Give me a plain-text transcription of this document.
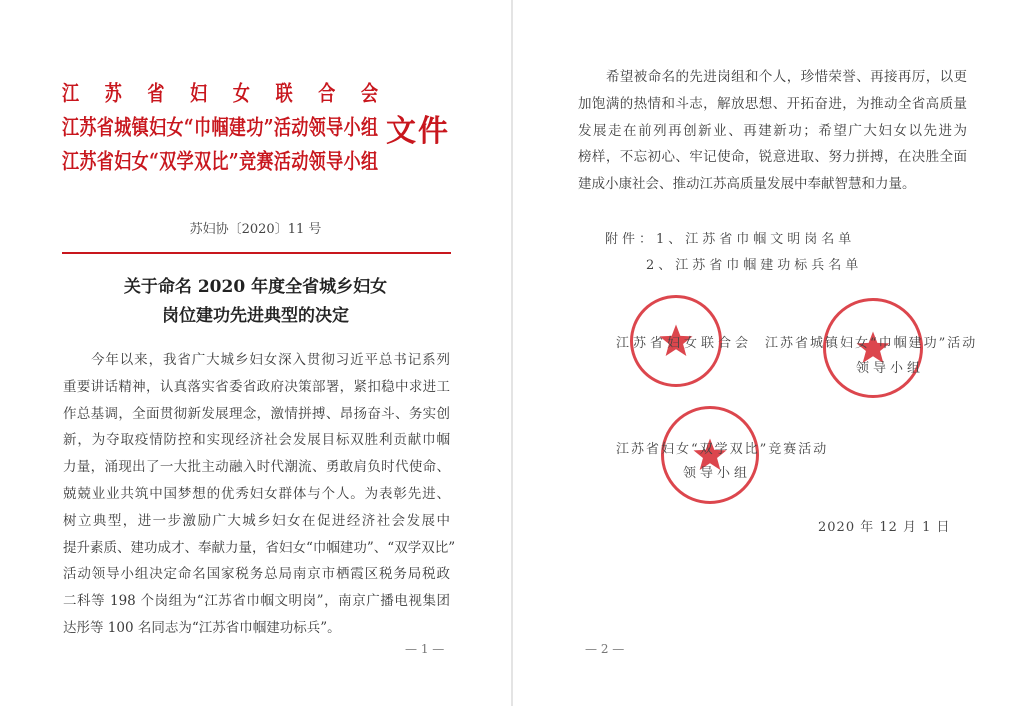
江苏省妇女联合会
江苏省城镇妇女“巾帼建功”活动领导小组
江苏省妇女“双学双比”竞赛活动领导小组
文件
苏妇协〔2020〕11 号
关于命名 2020 年度全省城乡妇女
岗位建功先进典型的决定
今年以来，我省广大城乡妇女深入贯彻习近平总书记系列
重要讲话精神，认真落实省委省政府决策部署，紧扣稳中求进工
作总基调，全面贯彻新发展理念，激情拼搏、昂扬奋斗、务实创
新，为夺取疫情防控和实现经济社会发展目标双胜利贡献巾帼
力量，涌现出了一大批主动融入时代潮流、勇敢肩负时代使命、
兢兢业业共筑中国梦想的优秀妇女群体与个人。为表彰先进、
树立典型，进一步激励广大城乡妇女在促进经济社会发展中
提升素质、建功成才、奉献力量，省妇女“巾帼建功”、“双学双比”
活动领导小组决定命名国家税务总局南京市栖霞区税务局税政
二科等 198 个岗组为“江苏省巾帼文明岗”，南京广播电视集团
达彤等 100 名同志为“江苏省巾帼建功标兵”。
— 1 —
希望被命名的先进岗组和个人，珍惜荣誉、再接再厉，以更
加饱满的热情和斗志，解放思想、开拓奋进，为推动全省高质量
发展走在前列再创新业、再建新功；希望广大妇女以先进为
榜样，不忘初心、牢记使命，锐意进取、努力拼搏，在决胜全面
建成小康社会、推动江苏高质量发展中奉献智慧和力量。
附件：1、江苏省巾帼文明岗名单
2、江苏省巾帼建功标兵名单
江苏省妇女联合会 江苏省城镇妇女“巾帼建功”活动
领导小组
江苏省妇女“双学双比”竞赛活动
领导小组
2020 年 12 月 1 日
— 2 —
